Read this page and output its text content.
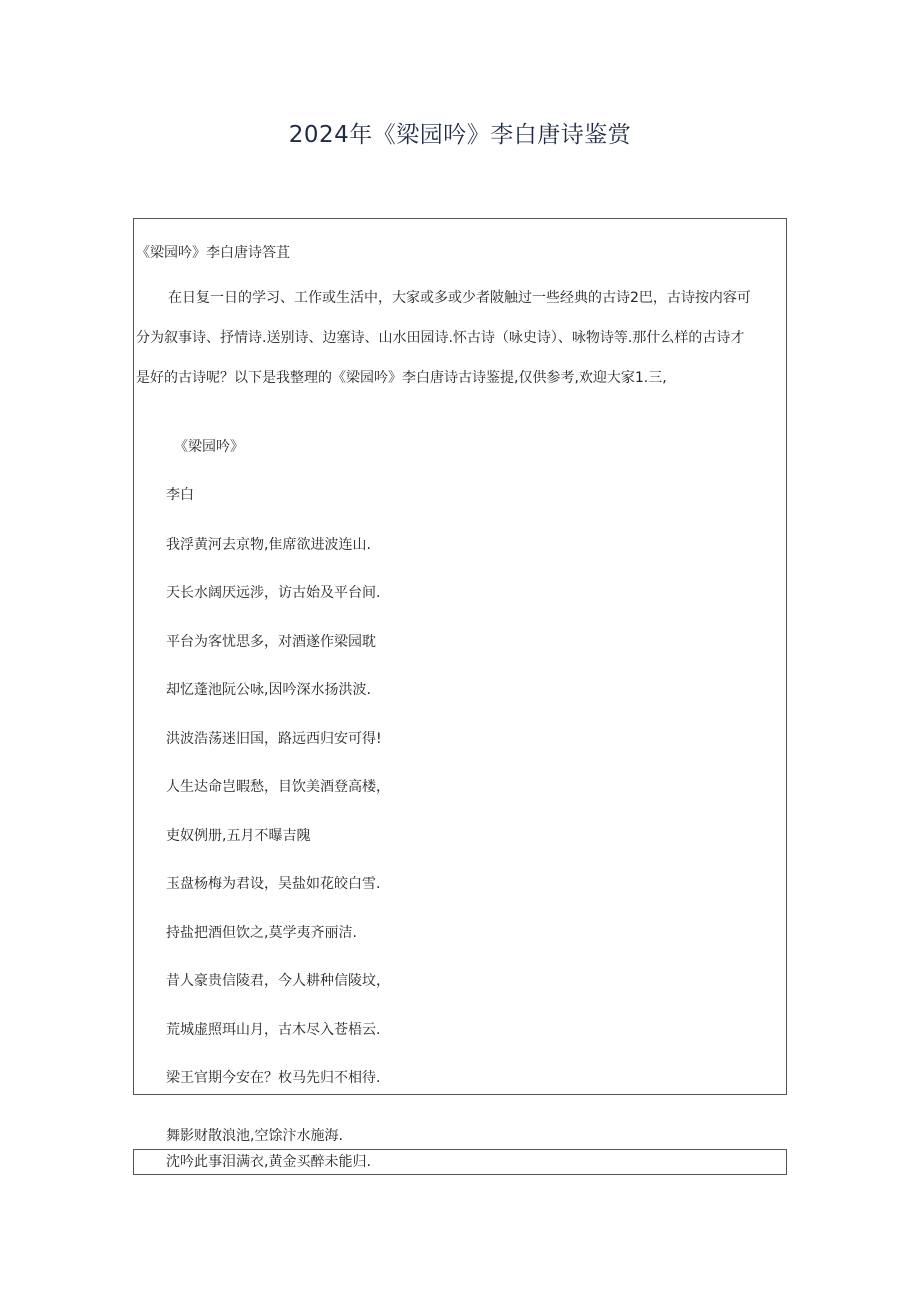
2024年《梁园吟》李白唐诗鉴赏
《梁园吟》李白唐诗答苴
在日复一日的学习、工作或生活中，大家或多或少者陂触过一些经典的古诗2巴，古诗按内容可
分为叙事诗、抒情诗.送别诗、边塞诗、山水田园诗.怀古诗（咏史诗）、咏物诗等.那什么样的古诗才
是好的古诗呢？以下是我整理的《梁园吟》李白唐诗古诗鉴提,仅供参考,欢迎大家1.三,
《梁园吟》
李白
我浮黄河去京物,隹席欲进波连山.
天长水阔厌远涉，访古始及平台间.
平台为客忧思多，对酒遂作梁园耽
却忆蓬池阮公咏,因吟深水扬洪波.
洪波浩荡迷旧国，路远西归安可得!
人生达命岂暇愁，目饮美酒登高楼，
吏奴例册,五月不曝吉隗
玉盘杨梅为君设，吴盐如花皎白雪.
持盐把酒但饮之,莫学夷齐丽洁.
昔人豪贵信陵君，今人耕种信陵坟，
荒城虚照珥山月，古木尽入苍梧云.
梁王官期今安在？枚马先归不相待.
舞影财散浪池,空馀汴水施海.
沈吟此事泪满衣,黄金买醉未能归.
